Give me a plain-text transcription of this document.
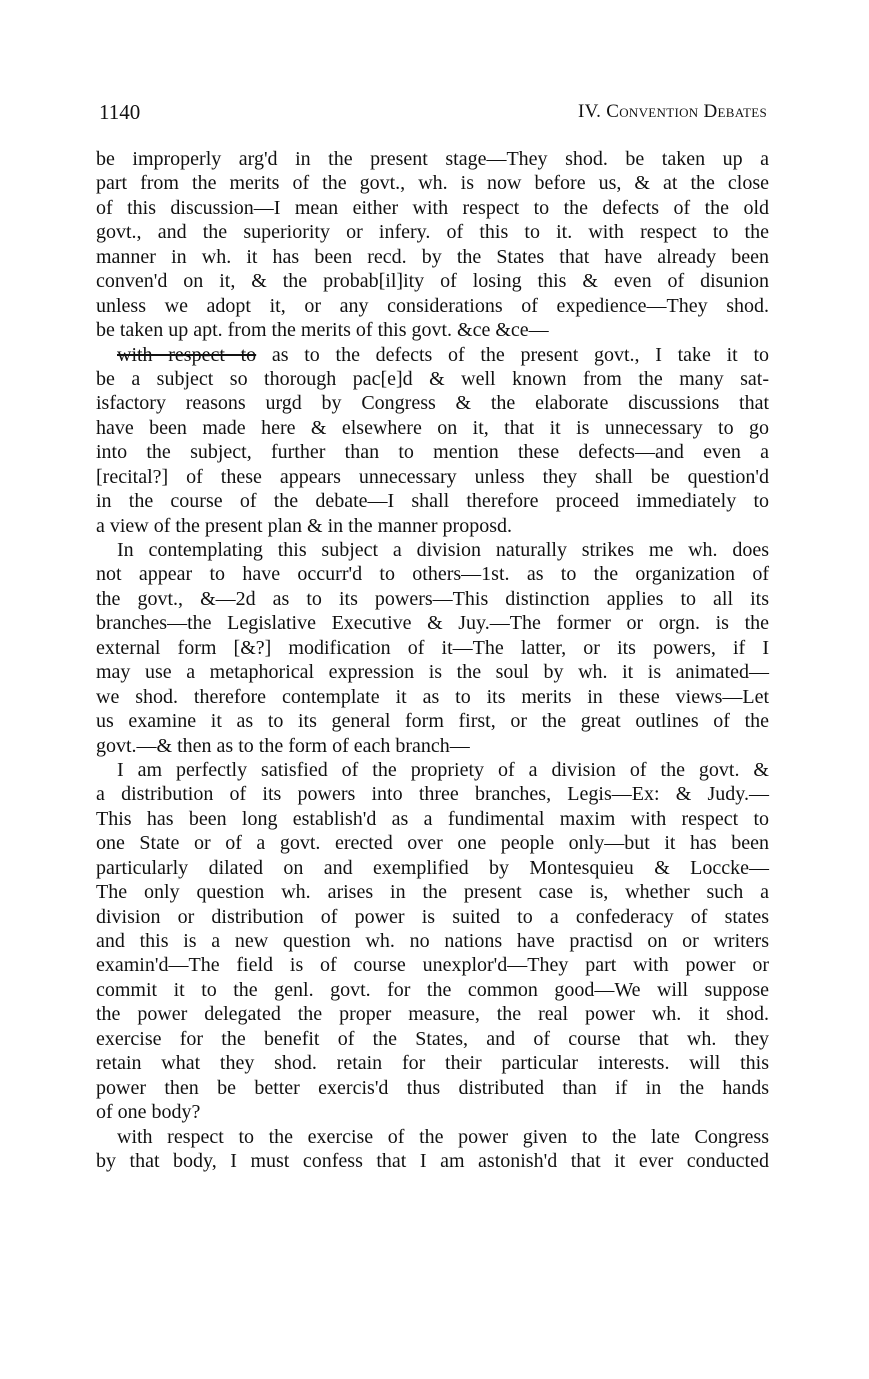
1140	IV. Convention Debates

be improperly arg'd in the present stage—They shod. be taken up a
part from the merits of the govt., wh. is now before us, & at the close
of this discussion—I mean either with respect to the defects of the old
govt., and the superiority or infery. of this to it. with respect to the
manner in wh. it has been recd. by the States that have already been
conven'd on it, & the probab[il]ity of losing this & even of disunion
unless we adopt it, or any considerations of expedience—They shod.
be taken up apt. from the merits of this govt. &ce &ce—

with respect to as to the defects of the present govt., I take it to
be a subject so thorough pac[e]d & well known from the many sat-
isfactory reasons urgd by Congress & the elaborate discussions that
have been made here & elsewhere on it, that it is unnecessary to go
into the subject, further than to mention these defects—and even a
[recital?] of these appears unnecessary unless they shall be question'd
in the course of the debate—I shall therefore proceed immediately to
a view of the present plan & in the manner proposd.

In contemplating this subject a division naturally strikes me wh. does
not appear to have occurr'd to others—1st. as to the organization of
the govt., &—2d as to its powers—This distinction applies to all its
branches—the Legislative Executive & Juy.—The former or orgn. is the
external form [&?] modification of it—The latter, or its powers, if I
may use a metaphorical expression is the soul by wh. it is animated—
we shod. therefore contemplate it as to its merits in these views—Let
us examine it as to its general form first, or the great outlines of the
govt.—& then as to the form of each branch—

I am perfectly satisfied of the propriety of a division of the govt. &
a distribution of its powers into three branches, Legis—Ex: & Judy.—
This has been long establish'd as a fundimental maxim with respect to
one State or of a govt. erected over one people only—but it has been
particularly dilated on and exemplified by Montesquieu & Loccke—
The only question wh. arises in the present case is, whether such a
division or distribution of power is suited to a confederacy of states
and this is a new question wh. no nations have practisd on or writers
examin'd—The field is of course unexplor'd—They part with power or
commit it to the genl. govt. for the common good—We will suppose
the power delegated the proper measure, the real power wh. it shod.
exercise for the benefit of the States, and of course that wh. they
retain what they shod. retain for their particular interests. will this
power then be better exercis'd thus distributed than if in the hands
of one body?

with respect to the exercise of the power given to the late Congress
by that body, I must confess that I am astonish'd that it ever conducted
